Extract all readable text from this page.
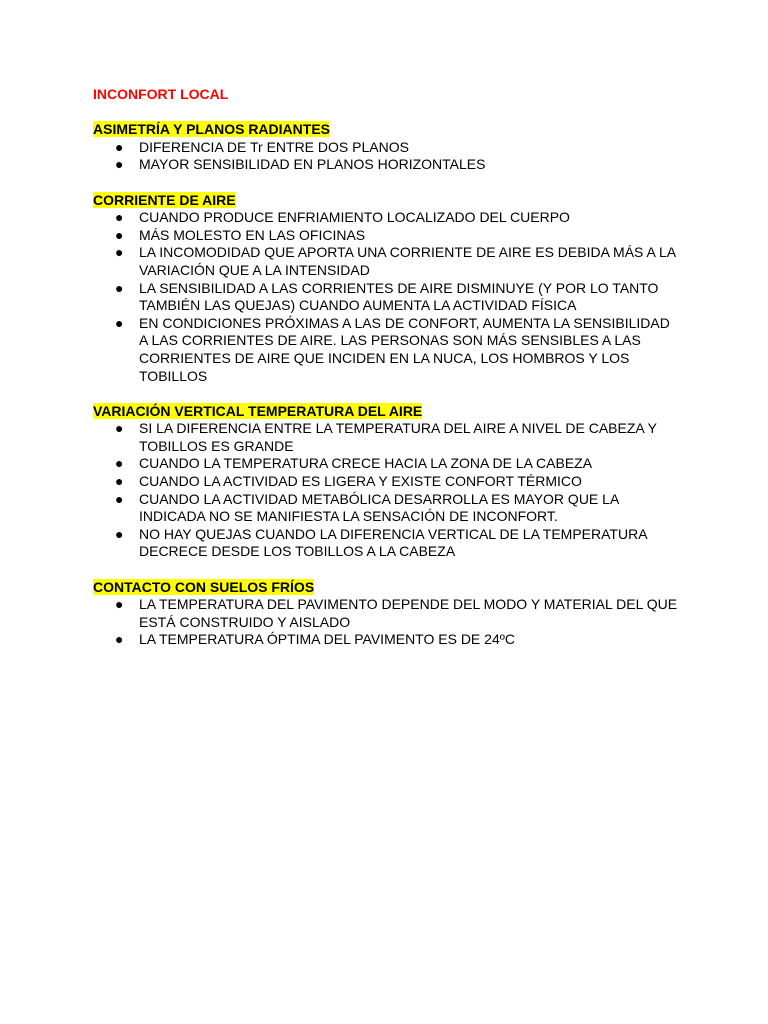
INCONFORT LOCAL
ASIMETRÍA Y PLANOS RADIANTES
● DIFERENCIA DE Tr ENTRE DOS PLANOS
● MAYOR SENSIBILIDAD EN PLANOS HORIZONTALES
CORRIENTE DE AIRE
● CUANDO PRODUCE ENFRIAMIENTO LOCALIZADO DEL CUERPO
● MÁS MOLESTO EN LAS OFICINAS
● LA INCOMODIDAD QUE APORTA UNA CORRIENTE DE AIRE ES DEBIDA MÁS A LA VARIACIÓN QUE A LA INTENSIDAD
● LA SENSIBILIDAD A LAS CORRIENTES DE AIRE DISMINUYE (Y POR LO TANTO TAMBIÉN LAS QUEJAS) CUANDO AUMENTA LA ACTIVIDAD FÍSICA
● EN CONDICIONES PRÓXIMAS A LAS DE CONFORT, AUMENTA LA SENSIBILIDAD A LAS CORRIENTES DE AIRE. LAS PERSONAS SON MÁS SENSIBLES A LAS CORRIENTES DE AIRE QUE INCIDEN EN LA NUCA, LOS HOMBROS Y LOS TOBILLOS
VARIACIÓN VERTICAL TEMPERATURA DEL AIRE
● SI LA DIFERENCIA ENTRE LA TEMPERATURA DEL AIRE A NIVEL DE CABEZA Y TOBILLOS ES GRANDE
● CUANDO LA TEMPERATURA CRECE HACIA LA ZONA DE LA CABEZA
● CUANDO LA ACTIVIDAD ES LIGERA Y EXISTE CONFORT TÉRMICO
● CUANDO LA ACTIVIDAD METABÓLICA DESARROLLA ES MAYOR QUE LA INDICADA NO SE MANIFIESTA LA SENSACIÓN DE INCONFORT.
● NO HAY QUEJAS CUANDO LA DIFERENCIA VERTICAL DE LA TEMPERATURA DECRECE DESDE LOS TOBILLOS A LA CABEZA
CONTACTO CON SUELOS FRÍOS
● LA TEMPERATURA DEL PAVIMENTO DEPENDE DEL MODO Y MATERIAL DEL QUE ESTÁ CONSTRUIDO Y AISLADO
● LA TEMPERATURA ÓPTIMA DEL PAVIMENTO ES DE 24ºC
